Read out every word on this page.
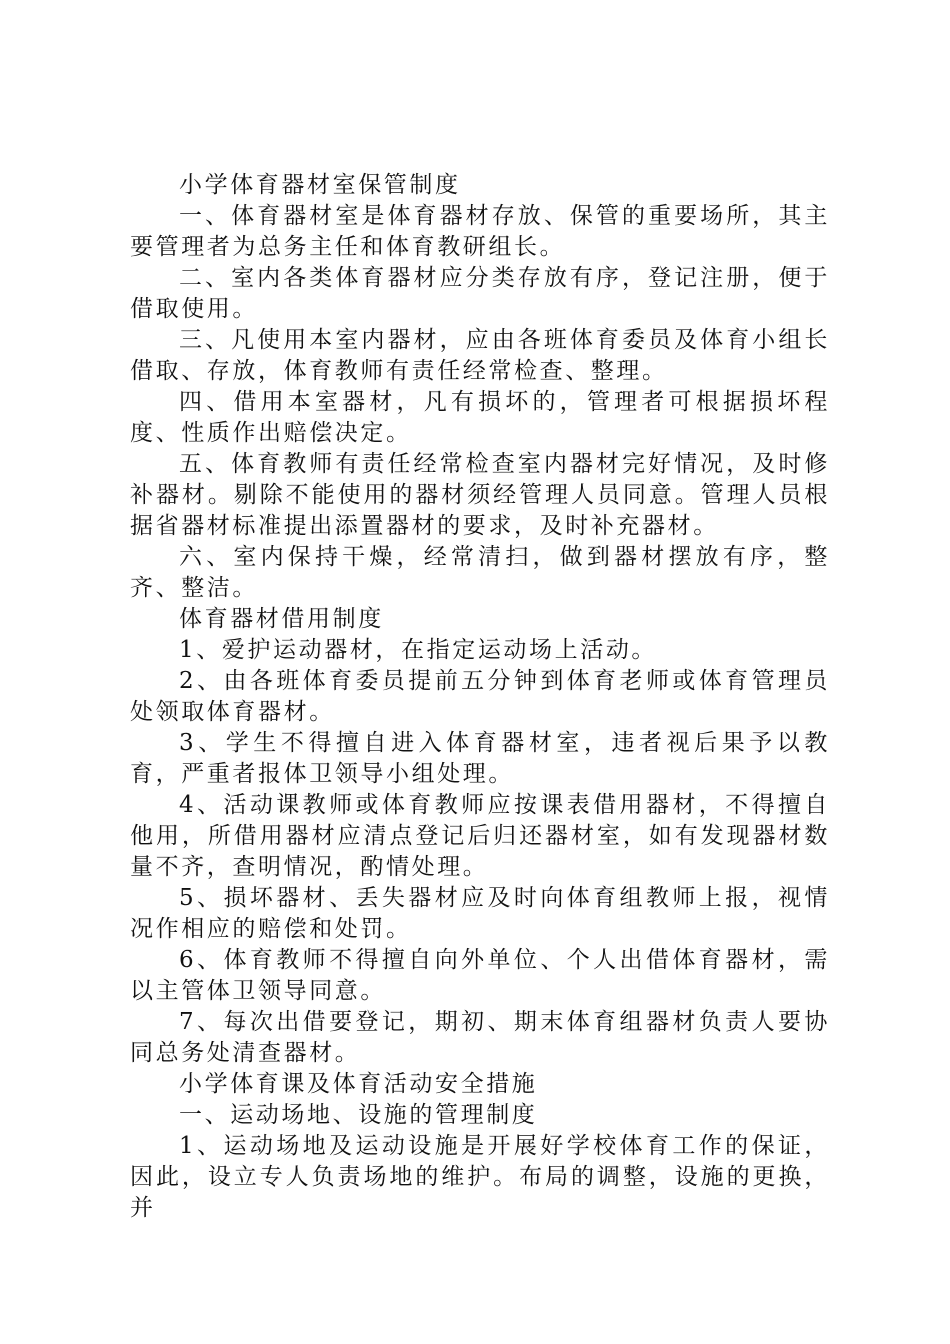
小学体育器材室保管制度

一、体育器材室是体育器材存放、保管的重要场所，其主要管理者为总务主任和体育教研组长。

二、室内各类体育器材应分类存放有序，登记注册，便于借取使用。

三、凡使用本室内器材，应由各班体育委员及体育小组长借取、存放，体育教师有责任经常检查、整理。

四、借用本室器材，凡有损坏的，管理者可根据损坏程度、性质作出赔偿决定。

五、体育教师有责任经常检查室内器材完好情况，及时修补器材。剔除不能使用的器材须经管理人员同意。管理人员根据省器材标准提出添置器材的要求，及时补充器材。

六、室内保持干燥，经常清扫，做到器材摆放有序，整齐、整洁。

体育器材借用制度

1、爱护运动器材，在指定运动场上活动。

2、由各班体育委员提前五分钟到体育老师或体育管理员处领取体育器材。

3、学生不得擅自进入体育器材室，违者视后果予以教育，严重者报体卫领导小组处理。

4、活动课教师或体育教师应按课表借用器材，不得擅自他用，所借用器材应清点登记后归还器材室，如有发现器材数量不齐，查明情况，酌情处理。

5、损坏器材、丢失器材应及时向体育组教师上报，视情况作相应的赔偿和处罚。

6、体育教师不得擅自向外单位、个人出借体育器材，需以主管体卫领导同意。

7、每次出借要登记，期初、期末体育组器材负责人要协同总务处清查器材。

小学体育课及体育活动安全措施

一、运动场地、设施的管理制度

1、运动场地及运动设施是开展好学校体育工作的保证，因此，设立专人负责场地的维护。布局的调整，设施的更换，并
